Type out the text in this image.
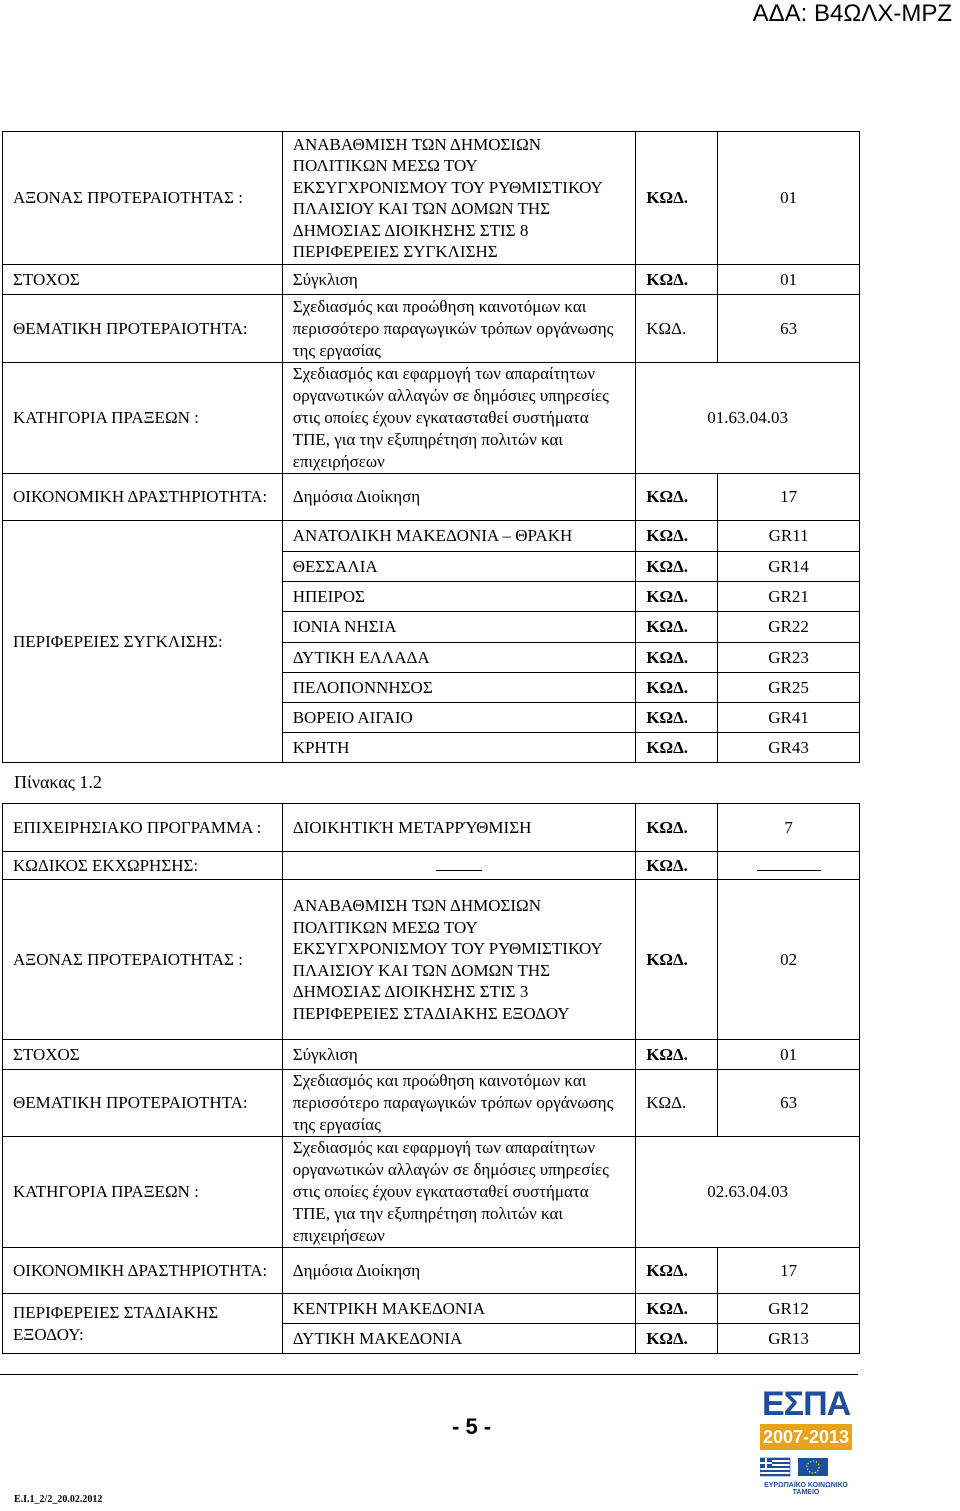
ΑΔΑ: Β4ΩΛΧ-ΜΡΖ
ΑΞΟΝΑΣ ΠΡΟΤΕΡΑΙΟΤΗΤΑΣ :	ΑΝΑΒΑΘΜΙΣΗ ΤΩΝ ΔΗΜΟΣΙΩΝ ΠΟΛΙΤΙΚΩΝ ΜΕΣΩ ΤΟΥ ΕΚΣΥΓΧΡΟΝΙΣΜΟΥ ΤΟΥ ΡΥΘΜΙΣΤΙΚΟΥ ΠΛΑΙΣΙΟΥ ΚΑΙ ΤΩΝ ΔΟΜΩΝ ΤΗΣ ΔΗΜΟΣΙΑΣ ΔΙΟΙΚΗΣΗΣ ΣΤΙΣ 8 ΠΕΡΙΦΕΡΕΙΕΣ ΣΥΓΚΛΙΣΗΣ	ΚΩΔ.	01
ΣΤΟΧΟΣ	Σύγκλιση	ΚΩΔ.	01
ΘΕΜΑΤΙΚΗ ΠΡΟΤΕΡΑΙΟΤΗΤΑ:	Σχεδιασμός και προώθηση καινοτόμων και περισσότερο παραγωγικών τρόπων οργάνωσης της εργασίας	ΚΩΔ.	63
ΚΑΤΗΓΟΡΙΑ ΠΡΑΞΕΩΝ :	Σχεδιασμός και εφαρμογή των απαραίτητων οργανωτικών αλλαγών σε δημόσιες υπηρεσίες στις οποίες έχουν εγκατασταθεί συστήματα ΤΠΕ, για την εξυπηρέτηση πολιτών και επιχειρήσεων	01.63.04.03	
ΟΙΚΟΝΟΜΙΚΗ ΔΡΑΣΤΗΡΙΟΤΗΤΑ:	Δημόσια Διοίκηση	ΚΩΔ.	17
ΠΕΡΙΦΕΡΕΙΕΣ ΣΥΓΚΛΙΣΗΣ:	ΑΝΑΤΟΛΙΚΗ ΜΑΚΕΔΟΝΙΑ – ΘΡΑΚΗ	ΚΩΔ.	GR11
	ΘΕΣΣΑΛΙΑ	ΚΩΔ.	GR14
	ΗΠΕΙΡΟΣ	ΚΩΔ.	GR21
	ΙΟΝΙΑ ΝΗΣΙΑ	ΚΩΔ.	GR22
	ΔΥΤΙΚΗ ΕΛΛΑΔΑ	ΚΩΔ.	GR23
	ΠΕΛΟΠΟΝΝΗΣΟΣ	ΚΩΔ.	GR25
	ΒΟΡΕΙΟ ΑΙΓΑΙΟ	ΚΩΔ.	GR41
	ΚΡΗΤΗ	ΚΩΔ.	GR43
Πίνακας 1.2
ΕΠΙΧΕΙΡΗΣΙΑΚΟ ΠΡΟΓΡΑΜΜΑ :	ΔΙΟΙΚΗΤΙΚΉ ΜΕΤΑΡΡΎΘΜΙΣΗ	ΚΩΔ.	7
ΚΩΔΙΚΟΣ ΕΚΧΩΡΗΣΗΣ:		ΚΩΔ.	
ΑΞΟΝΑΣ ΠΡΟΤΕΡΑΙΟΤΗΤΑΣ :	ΑΝΑΒΑΘΜΙΣΗ ΤΩΝ ΔΗΜΟΣΙΩΝ ΠΟΛΙΤΙΚΩΝ ΜΕΣΩ ΤΟΥ ΕΚΣΥΓΧΡΟΝΙΣΜΟΥ ΤΟΥ ΡΥΘΜΙΣΤΙΚΟΥ ΠΛΑΙΣΙΟΥ ΚΑΙ ΤΩΝ ΔΟΜΩΝ ΤΗΣ ΔΗΜΟΣΙΑΣ ΔΙΟΙΚΗΣΗΣ ΣΤΙΣ 3 ΠΕΡΙΦΕΡΕΙΕΣ ΣΤΑΔΙΑΚΗΣ ΕΞΟΔΟΥ	ΚΩΔ.	02
ΣΤΟΧΟΣ	Σύγκλιση	ΚΩΔ.	01
ΘΕΜΑΤΙΚΗ ΠΡΟΤΕΡΑΙΟΤΗΤΑ:	Σχεδιασμός και προώθηση καινοτόμων και περισσότερο παραγωγικών τρόπων οργάνωσης της εργασίας	ΚΩΔ.	63
ΚΑΤΗΓΟΡΙΑ ΠΡΑΞΕΩΝ :	Σχεδιασμός και εφαρμογή των απαραίτητων οργανωτικών αλλαγών σε δημόσιες υπηρεσίες στις οποίες έχουν εγκατασταθεί συστήματα ΤΠΕ, για την εξυπηρέτηση πολιτών και επιχειρήσεων	02.63.04.03	
ΟΙΚΟΝΟΜΙΚΗ ΔΡΑΣΤΗΡΙΟΤΗΤΑ:	Δημόσια Διοίκηση	ΚΩΔ.	17
ΠΕΡΙΦΕΡΕΙΕΣ ΣΤΑΔΙΑΚΗΣ ΕΞΟΔΟΥ:	ΚΕΝΤΡΙΚΗ ΜΑΚΕΔΟΝΙΑ	ΚΩΔ.	GR12
	ΔΥΤΙΚΗ ΜΑΚΕΔΟΝΙΑ	ΚΩΔ.	GR13
- 5 -
Ε.Ι.1_2/2_20.02.2012
ΕΣΠΑ
2007-2013
ΕΥΡΩΠΑΪΚΟ ΚΟΙΝΩΝΙΚΟ ΤΑΜΕΙΟ
